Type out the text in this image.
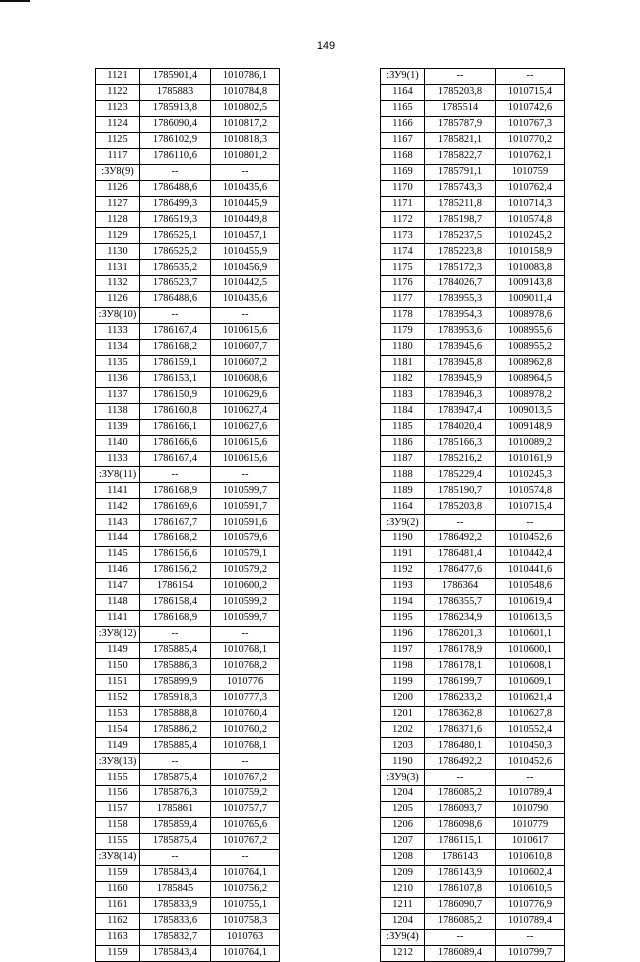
149
1121	1785901,4	1010786,1
1122	1785883	1010784,8
1123	1785913,8	1010802,5
1124	1786090,4	1010817,2
1125	1786102,9	1010818,3
1117	1786110,6	1010801,2
:ЗУ8(9)	--	--
1126	1786488,6	1010435,6
1127	1786499,3	1010445,9
1128	1786519,3	1010449,8
1129	1786525,1	1010457,1
1130	1786525,2	1010455,9
1131	1786535,2	1010456,9
1132	1786523,7	1010442,5
1126	1786488,6	1010435,6
:ЗУ8(10)	--	--
1133	1786167,4	1010615,6
1134	1786168,2	1010607,7
1135	1786159,1	1010607,2
1136	1786153,1	1010608,6
1137	1786150,9	1010629,6
1138	1786160,8	1010627,4
1139	1786166,1	1010627,6
1140	1786166,6	1010615,6
1133	1786167,4	1010615,6
:ЗУ8(11)	--	--
1141	1786168,9	1010599,7
1142	1786169,6	1010591,7
1143	1786167,7	1010591,6
1144	1786168,2	1010579,6
1145	1786156,6	1010579,1
1146	1786156,2	1010579,2
1147	1786154	1010600,2
1148	1786158,4	1010599,2
1141	1786168,9	1010599,7
:ЗУ8(12)	--	--
1149	1785885,4	1010768,1
1150	1785886,3	1010768,2
1151	1785899,9	1010776
1152	1785918,3	1010777,3
1153	1785888,8	1010760,4
1154	1785886,2	1010760,2
1149	1785885,4	1010768,1
:ЗУ8(13)	--	--
1155	1785875,4	1010767,2
1156	1785876,3	1010759,2
1157	1785861	1010757,7
1158	1785859,4	1010765,6
1155	1785875,4	1010767,2
:ЗУ8(14)	--	--
1159	1785843,4	1010764,1
1160	1785845	1010756,2
1161	1785833,9	1010755,1
1162	1785833,6	1010758,3
1163	1785832,7	1010763
1159	1785843,4	1010764,1
:ЗУ9(1)	--	--
1164	1785203,8	1010715,4
1165	1785514	1010742,6
1166	1785787,9	1010767,3
1167	1785821,1	1010770,2
1168	1785822,7	1010762,1
1169	1785791,1	1010759
1170	1785743,3	1010762,4
1171	1785211,8	1010714,3
1172	1785198,7	1010574,8
1173	1785237,5	1010245,2
1174	1785223,8	1010158,9
1175	1785172,3	1010083,8
1176	1784026,7	1009143,8
1177	1783955,3	1009011,4
1178	1783954,3	1008978,6
1179	1783953,6	1008955,6
1180	1783945,6	1008955,2
1181	1783945,8	1008962,8
1182	1783945,9	1008964,5
1183	1783946,3	1008978,2
1184	1783947,4	1009013,5
1185	1784020,4	1009148,9
1186	1785166,3	1010089,2
1187	1785216,2	1010161,9
1188	1785229,4	1010245,3
1189	1785190,7	1010574,8
1164	1785203,8	1010715,4
:ЗУ9(2)	--	--
1190	1786492,2	1010452,6
1191	1786481,4	1010442,4
1192	1786477,6	1010441,6
1193	1786364	1010548,6
1194	1786355,7	1010619,4
1195	1786234,9	1010613,5
1196	1786201,3	1010601,1
1197	1786178,9	1010600,1
1198	1786178,1	1010608,1
1199	1786199,7	1010609,1
1200	1786233,2	1010621,4
1201	1786362,8	1010627,8
1202	1786371,6	1010552,4
1203	1786480,1	1010450,3
1190	1786492,2	1010452,6
:ЗУ9(3)	--	--
1204	1786085,2	1010789,4
1205	1786093,7	1010790
1206	1786098,6	1010779
1207	1786115,1	1010617
1208	1786143	1010610,8
1209	1786143,9	1010602,4
1210	1786107,8	1010610,5
1211	1786090,7	1010776,9
1204	1786085,2	1010789,4
:ЗУ9(4)	--	--
1212	1786089,4	1010799,7
